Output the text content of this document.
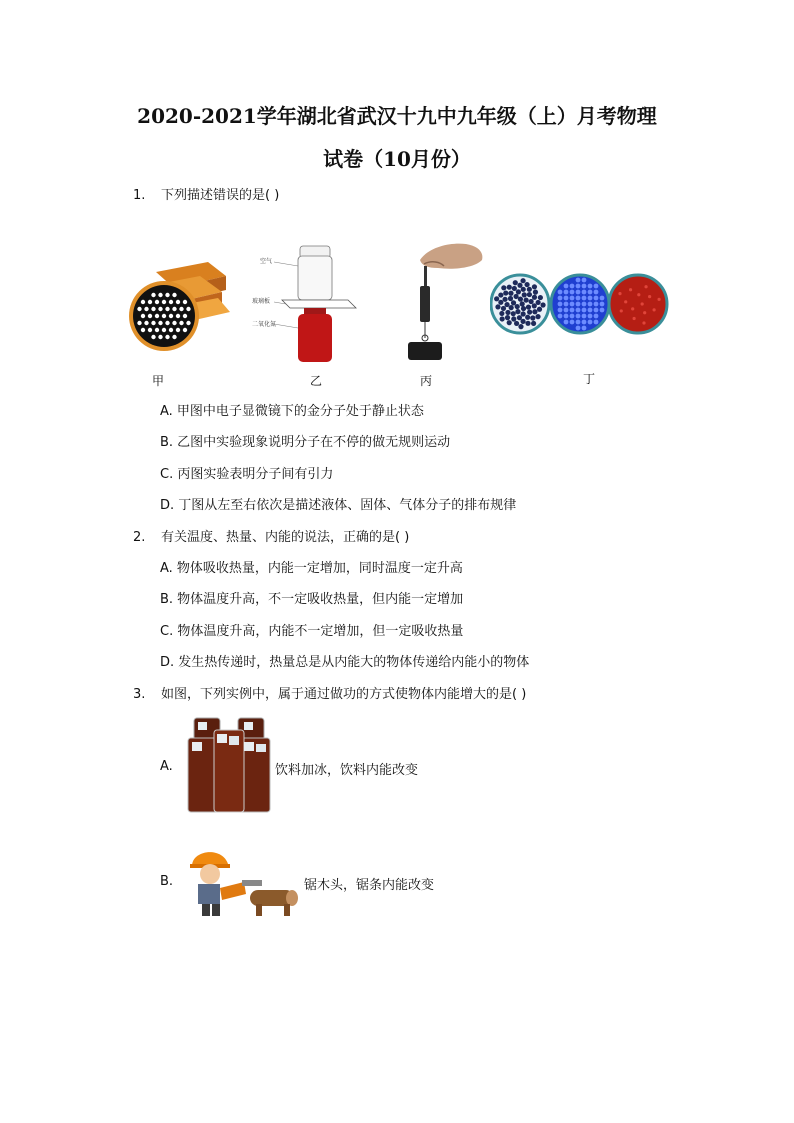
2020-2021学年湖北省武汉十九中九年级（上）月考物理
试卷（10月份）
1. 下列描述错误的是( )
甲
空气
玻璃板
二氧化氮
乙	丙	丁
A. 甲图中电子显微镜下的金分子处于静止状态
B. 乙图中实验现象说明分子在不停的做无规则运动
C. 丙图实验表明分子间有引力
D. 丁图从左至右依次是描述液体、固体、气体分子的排布规律
2. 有关温度、热量、内能的说法，正确的是( )
A. 物体吸收热量，内能一定增加，同时温度一定升高
B. 物体温度升高，不一定吸收热量，但内能一定增加
C. 物体温度升高，内能不一定增加，但一定吸收热量
D. 发生热传递时，热量总是从内能大的物体传递给内能小的物体
3. 如图，下列实例中，属于通过做功的方式使物体内能增大的是( )
A.	饮料加冰，饮料内能改变
B.	锯木头，锯条内能改变
